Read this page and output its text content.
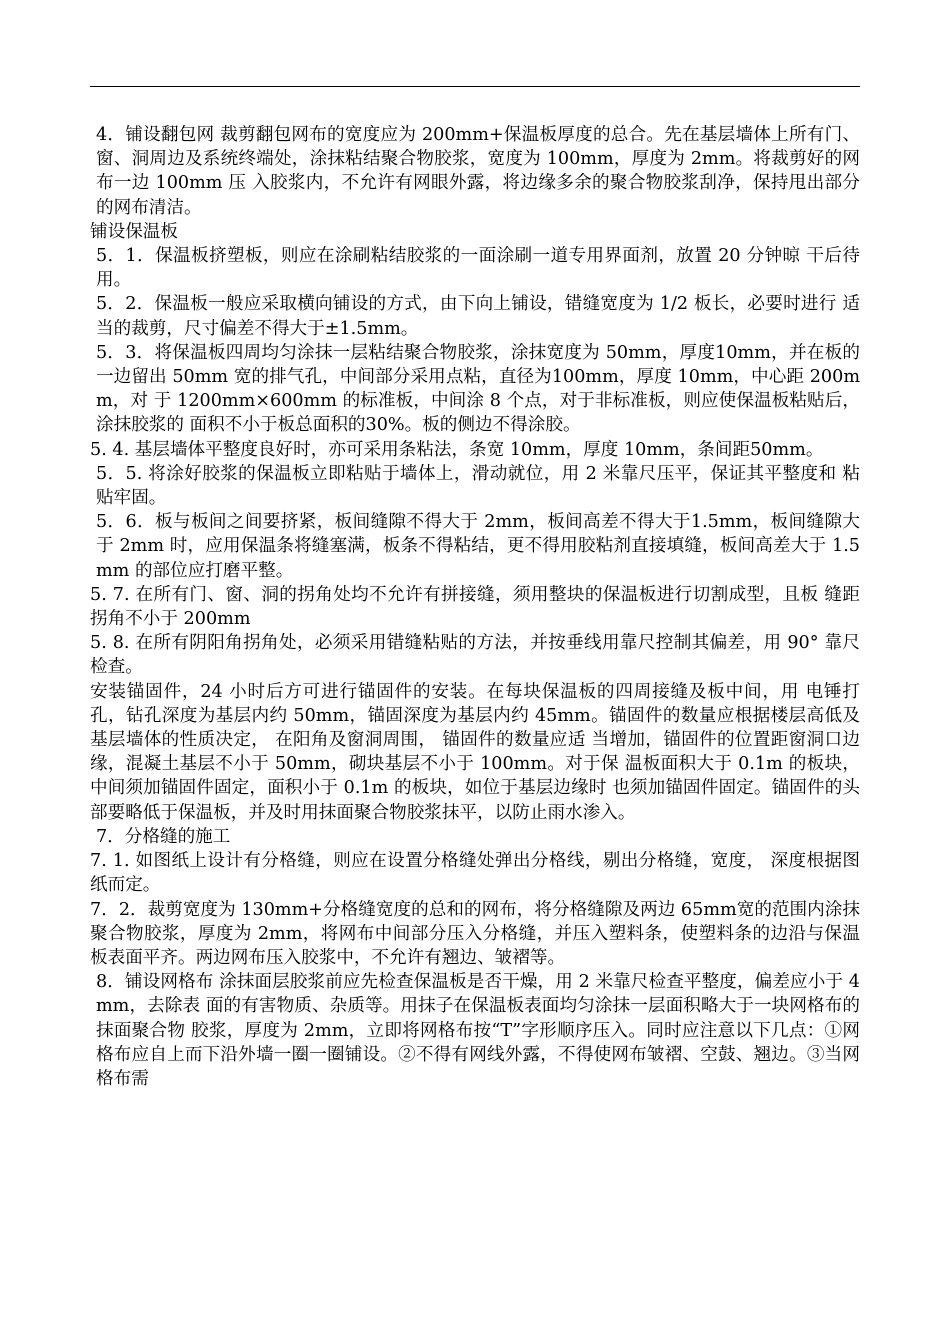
4．铺设翻包网 裁剪翻包网布的宽度应为 200mm+保温板厚度的总合。先在基层墙体上所有门、窗、洞周边及系统终端处，涂抹粘结聚合物胶浆，宽度为 100mm，厚度为 2mm。将裁剪好的网布一边 100mm 压 入胶浆内，不允许有网眼外露，将边缘多余的聚合物胶浆刮净，保持甩出部分的网布清洁。

铺设保温板

5．1．保温板挤塑板，则应在涂刷粘结胶浆的一面涂刷一道专用界面剂，放置 20 分钟晾 干后待用。

5．2．保温板一般应采取横向铺设的方式，由下向上铺设，错缝宽度为 1/2 板长，必要时进行 适当的裁剪，尺寸偏差不得大于±1.5mm。

5．3．将保温板四周均匀涂抹一层粘结聚合物胶浆，涂抹宽度为 50mm，厚度10mm，并在板的 一边留出 50mm 宽的排气孔，中间部分采用点粘，直径为100mm，厚度 10mm，中心距 200mm，对 于 1200mm×600mm 的标准板，中间涂 8 个点，对于非标准板，则应使保温板粘贴后，涂抹胶浆的 面积不小于板总面积的30%。板的侧边不得涂胶。

5. 4. 基层墙体平整度良好时，亦可采用条粘法，条宽 10mm，厚度 10mm，条间距50mm。

5．5. 将涂好胶浆的保温板立即粘贴于墙体上，滑动就位，用 2 米靠尺压平，保证其平整度和 粘贴牢固。

5．6．板与板间之间要挤紧，板间缝隙不得大于 2mm，板间高差不得大于1.5mm，板间缝隙大 于 2mm 时，应用保温条将缝塞满，板条不得粘结，更不得用胶粘剂直接填缝，板间高差大于 1.5mm 的部位应打磨平整。

5. 7. 在所有门、窗、洞的拐角处均不允许有拼接缝，须用整块的保温板进行切割成型，且板 缝距拐角不小于 200mm

5. 8. 在所有阴阳角拐角处，必须采用错缝粘贴的方法，并按垂线用靠尺控制其偏差，用 90° 靠尺检查。

安装锚固件，24 小时后方可进行锚固件的安装。在每块保温板的四周接缝及板中间，用 电锤打孔，钻孔深度为基层内约 50mm，锚固深度为基层内约 45mm。锚固件的数量应根据楼层高低及基层墙体的性质决定， 在阳角及窗洞周围， 锚固件的数量应适 当增加，锚固件的位置距窗洞口边缘，混凝土基层不小于 50mm，砌块基层不小于 100mm。对于保 温板面积大于 0.1m 的板块，中间须加锚固件固定，面积小于 0.1m 的板块，如位于基层边缘时 也须加锚固件固定。锚固件的头部要略低于保温板，并及时用抹面聚合物胶浆抹平，以防止雨水渗入。

7．分格缝的施工

7. 1. 如图纸上设计有分格缝，则应在设置分格缝处弹出分格线，剔出分格缝，宽度， 深度根据图纸而定。

7．2．裁剪宽度为 130mm+分格缝宽度的总和的网布，将分格缝隙及两边 65mm宽的范围内涂抹 聚合物胶浆，厚度为 2mm，将网布中间部分压入分格缝，并压入塑料条，使塑料条的边沿与保温 板表面平齐。两边网布压入胶浆中，不允许有翘边、皱褶等。

8．铺设网格布 涂抹面层胶浆前应先检查保温板是否干燥，用 2 米靠尺检查平整度，偏差应小于 4mm，去除表 面的有害物质、杂质等。用抹子在保温板表面均匀涂抹一层面积略大于一块网格布的抹面聚合物 胶浆，厚度为 2mm，立即将网格布按“T”字形顺序压入。同时应注意以下几点：①网格布应自上而下沿外墙一圈一圈铺设。②不得有网线外露，不得使网布皱褶、空鼓、翘边。③当网格布需
